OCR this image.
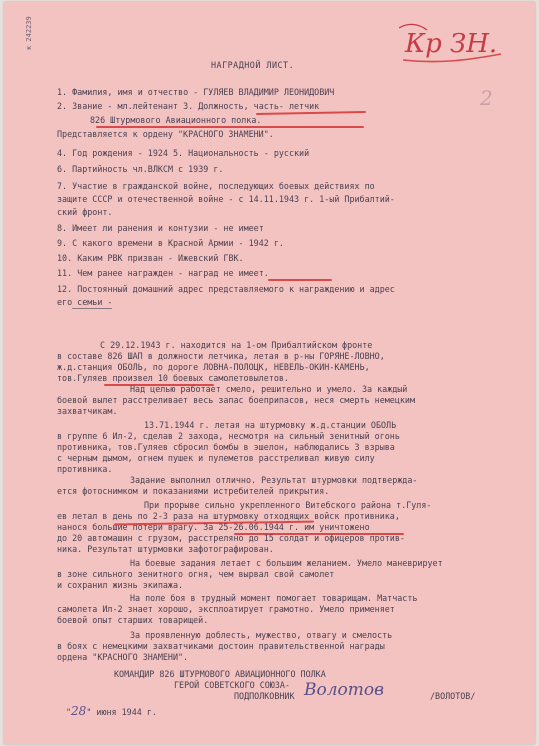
к 242239	Кр ЗН.
2
НАГРАДНОЙ ЛИСТ.
1. Фамилия, имя и отчество - ГУЛЯЕВ ВЛАДИМИР ЛЕОНИДОВИЧ
2. Звание - мл.лейтенант 3. Должность, часть- летчик
826 Штурмового Авиационного полка.
Представляется к ордену "КРАСНОГО ЗНАМЕНИ".
4. Год рождения - 1924 5. Национальность - русский
6. Партийность чл.ВЛКСМ с 1939 г.
7. Участие в гражданской войне, последующих боевых действиях по
защите СССР и отечественной войне - с 14.11.1943 г. 1-ый Прибалтий-
ский фронт.
8. Имеет ли ранения и контузии - не имеет
9. С какого времени в Красной Армии - 1942 г.
10. Каким РВК призван - Ижевский ГВК.
11. Чем ранее награжден - наград не имеет.
12. Постоянный домашний адрес представляемого к награждению и адрес
его семьи -
С 29.12.1943 г. находится на 1-ом Прибалтийском фронте
в составе 826 ШАП в должности летчика, летая в р-ны ГОРЯНЕ-ЛОВНО,
ж.д.станция ОБОЛЬ, по дороге ЛОВНА-ПОЛОЦК, НЕВЕЛЬ-ОКИН-КАМЕНЬ,
тов.Гуляев произвел 10 боевых самолетовылетов.
Над целью работает смело, решительно и умело. За каждый
боевой вылет расстреливает весь запас боеприпасов, неся смерть немецким
захватчикам.
13.71.1944 г. летая на штурмовку ж.д.станции ОБОЛЬ
в группе 6 Ил-2, сделав 2 захода, несмотря на сильный зенитный огонь
противника, тов.Гуляев сбросил бомбы в эшелон, наблюдались 3 взрыва
с черным дымом, огнем пушек и пулеметов расстреливал живую силу
противника.
Задание выполнил отлично. Результат штурмовки подтвержда-
ется фотоснимком и показаниями истребителей прикрытия.
При прорыве сильно укрепленного Витебского района т.Гуля-
ев летал в день по 2-3 раза на штурмовку отходящих войск противника,
нанося большие потери врагу. За 25-26.06.1944 г. им уничтожено
до 20 автомашин с грузом, расстреляно до 15 солдат и офицеров против-
ника. Результат штурмовки зафотографирован.
На боевые задания летает с большим желанием. Умело маневрирует
в зоне сильного зенитного огня, чем вырвал свой самолет
и сохранил жизнь экипажа.
На поле боя в трудный момент помогает товарищам. Матчасть
самолета Ил-2 знает хорошо, эксплоатирует грамотно. Умело применяет
боевой опыт старших товарищей.
За проявленную доблесть, мужество, отвагу и смелость
в боях с немецкими захватчиками достоин правительственной награды
ордена "КРАСНОГО ЗНАМЕНИ".
КОМАНДИР 826 ШТУРМОВОГО АВИАЦИОННОГО ПОЛКА
ГЕРОЙ СОВЕТСКОГО СОЮЗА-
ПОДПОЛКОВНИК Волотов	/ВОЛОТОВ/
"28" июня 1944 г.
